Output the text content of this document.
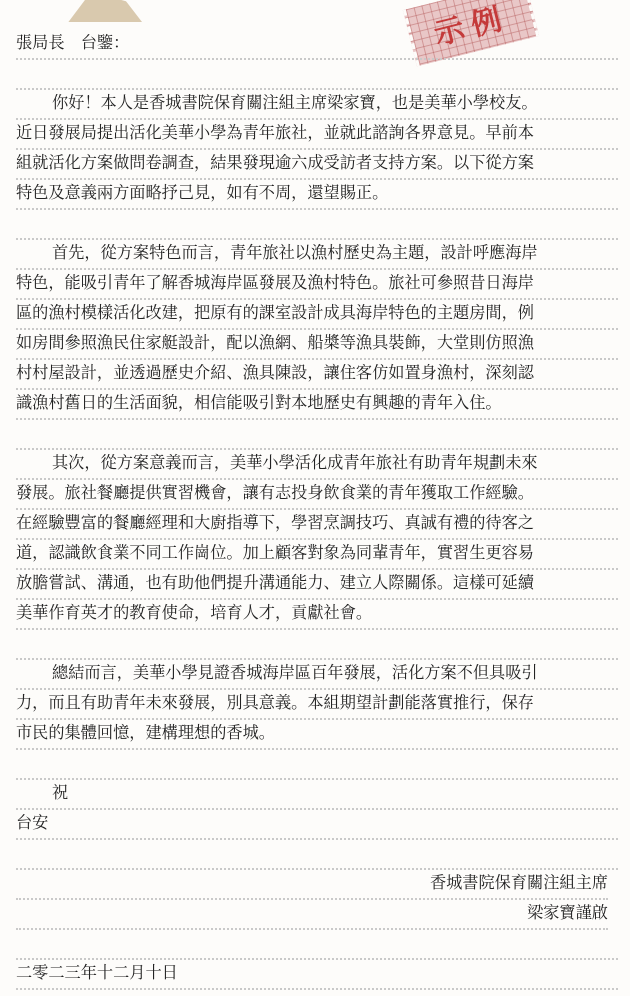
示例
張局長　台鑒：
你好！本人是香城書院保育關注組主席梁家寶，也是美華小學校友。
近日發展局提出活化美華小學為青年旅社，並就此諮詢各界意見。早前本
組就活化方案做問卷調查，結果發現逾六成受訪者支持方案。以下從方案
特色及意義兩方面略抒己見，如有不周，還望賜正。
首先，從方案特色而言，青年旅社以漁村歷史為主題，設計呼應海岸
特色，能吸引青年了解香城海岸區發展及漁村特色。旅社可參照昔日海岸
區的漁村模樣活化改建，把原有的課室設計成具海岸特色的主題房間，例
如房間參照漁民住家艇設計，配以漁網、船槳等漁具裝飾，大堂則仿照漁
村村屋設計，並透過歷史介紹、漁具陳設，讓住客仿如置身漁村，深刻認
識漁村舊日的生活面貌，相信能吸引對本地歷史有興趣的青年入住。
其次，從方案意義而言，美華小學活化成青年旅社有助青年規劃未來
發展。旅社餐廳提供實習機會，讓有志投身飲食業的青年獲取工作經驗。
在經驗豐富的餐廳經理和大廚指導下，學習烹調技巧、真誠有禮的待客之
道，認識飲食業不同工作崗位。加上顧客對象為同輩青年，實習生更容易
放膽嘗試、溝通，也有助他們提升溝通能力、建立人際關係。這樣可延續
美華作育英才的教育使命，培育人才，貢獻社會。
總結而言，美華小學見證香城海岸區百年發展，活化方案不但具吸引
力，而且有助青年未來發展，別具意義。本組期望計劃能落實推行，保存
市民的集體回憶，建構理想的香城。
祝
台安
香城書院保育關注組主席
梁家寶謹啟
二零二三年十二月十日
